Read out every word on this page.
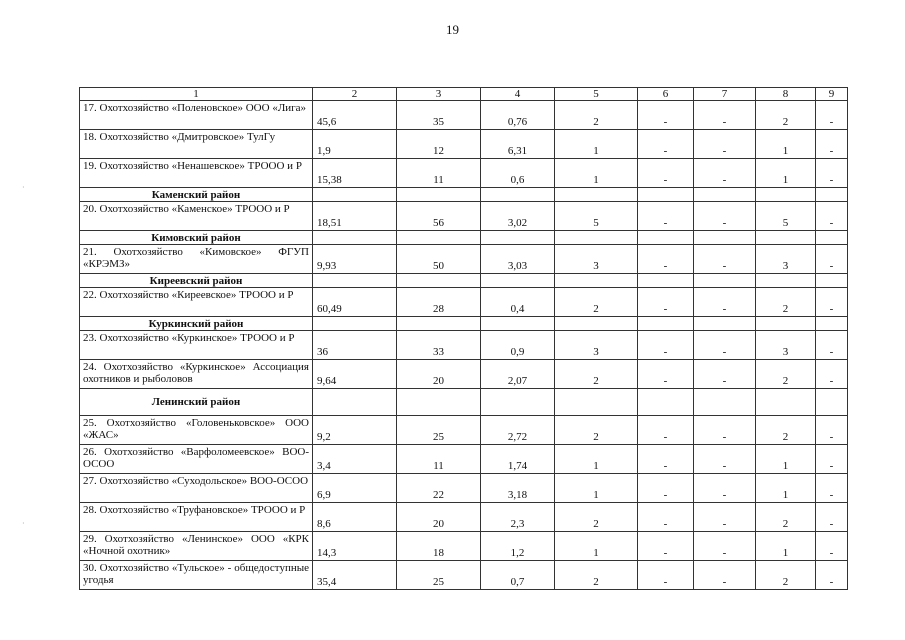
19
1	2	3	4	5	6	7	8	9
17. Охотхозяйство «Поленовское» ООО «Лига»	45,6	35	0,76	2	-	-	2	-
18. Охотхозяйство «Дмитровское» ТулГу	1,9	12	6,31	1	-	-	1	-
19. Охотхозяйство «Ненашевское» ТРООО и Р	15,38	11	0,6	1	-	-	1	-
Каменский район								
20. Охотхозяйство «Каменское» ТРООО и Р	18,51	56	3,02	5	-	-	5	-
Кимовский район								
21. Охотхозяйство «Кимовское» ФГУП «КРЭМЗ»	9,93	50	3,03	3	-	-	3	-
Киреевский район								
22. Охотхозяйство «Киреевское» ТРООО и Р	60,49	28	0,4	2	-	-	2	-
Куркинский район								
23. Охотхозяйство «Куркинское» ТРООО и Р	36	33	0,9	3	-	-	3	-
24. Охотхозяйство «Куркинское» Ассоциация охотников и рыболовов	9,64	20	2,07	2	-	-	2	-
Ленинский район								
25. Охотхозяйство «Головеньковское» ООО «ЖАС»	9,2	25	2,72	2	-	-	2	-
26. Охотхозяйство «Варфоломеевское» ВОО-ОСОО	3,4	11	1,74	1	-	-	1	-
27. Охотхозяйство «Суходольское» ВОО-ОСОО	6,9	22	3,18	1	-	-	1	-
28. Охотхозяйство «Труфановское» ТРООО и Р	8,6	20	2,3	2	-	-	2	-
29. Охотхозяйство «Ленинское» ООО «КРК «Ночной охотник»	14,3	18	1,2	1	-	-	1	-
30. Охотхозяйство «Тульское» - общедоступные угодья	35,4	25	0,7	2	-	-	2	-
·
·
